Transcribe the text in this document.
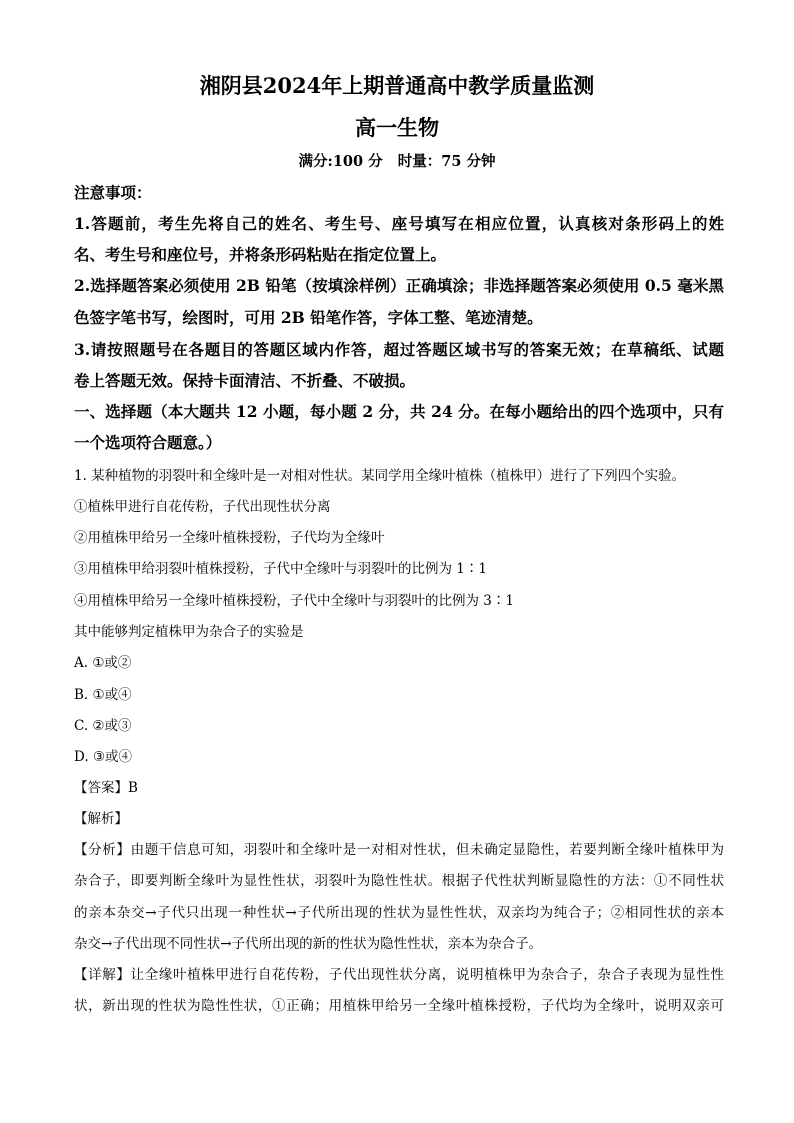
湘阴县2024年上期普通高中教学质量监测
高一生物
满分:100 分   时量：75 分钟
注意事项：
1.答题前，考生先将自己的姓名、考生号、座号填写在相应位置，认真核对条形码上的姓
名、考生号和座位号，并将条形码粘贴在指定位置上。
2.选择题答案必须使用 2B 铅笔（按填涂样例）正确填涂；非选择题答案必须使用 0.5 毫米黑
色签字笔书写，绘图时，可用 2B 铅笔作答，字体工整、笔迹清楚。
3.请按照题号在各题目的答题区域内作答，超过答题区域书写的答案无效；在草稿纸、试题
卷上答题无效。保持卡面清洁、不折叠、不破损。
一、选择题（本大题共 12 小题，每小题 2 分，共 24 分。在每小题给出的四个选项中，只有
一个选项符合题意。）
1. 某种植物的羽裂叶和全缘叶是一对相对性状。某同学用全缘叶植株（植株甲）进行了下列四个实验。
①植株甲进行自花传粉，子代出现性状分离
②用植株甲给另一全缘叶植株授粉，子代均为全缘叶
③用植株甲给羽裂叶植株授粉，子代中全缘叶与羽裂叶的比例为 1∶1
④用植株甲给另一全缘叶植株授粉，子代中全缘叶与羽裂叶的比例为 3∶1
其中能够判定植株甲为杂合子的实验是
A. ①或②
B. ①或④
C. ②或③
D. ③或④
【答案】B
【解析】
【分析】由题干信息可知，羽裂叶和全缘叶是一对相对性状，但未确定显隐性，若要判断全缘叶植株甲为
杂合子，即要判断全缘叶为显性性状，羽裂叶为隐性性状。根据子代性状判断显隐性的方法：①不同性状
的亲本杂交→子代只出现一种性状→子代所出现的性状为显性性状，双亲均为纯合子；②相同性状的亲本
杂交→子代出现不同性状→子代所出现的新的性状为隐性性状，亲本为杂合子。
【详解】让全缘叶植株甲进行自花传粉，子代出现性状分离，说明植株甲为杂合子，杂合子表现为显性性
状，新出现的性状为隐性性状，①正确；用植株甲给另一全缘叶植株授粉，子代均为全缘叶，说明双亲可
